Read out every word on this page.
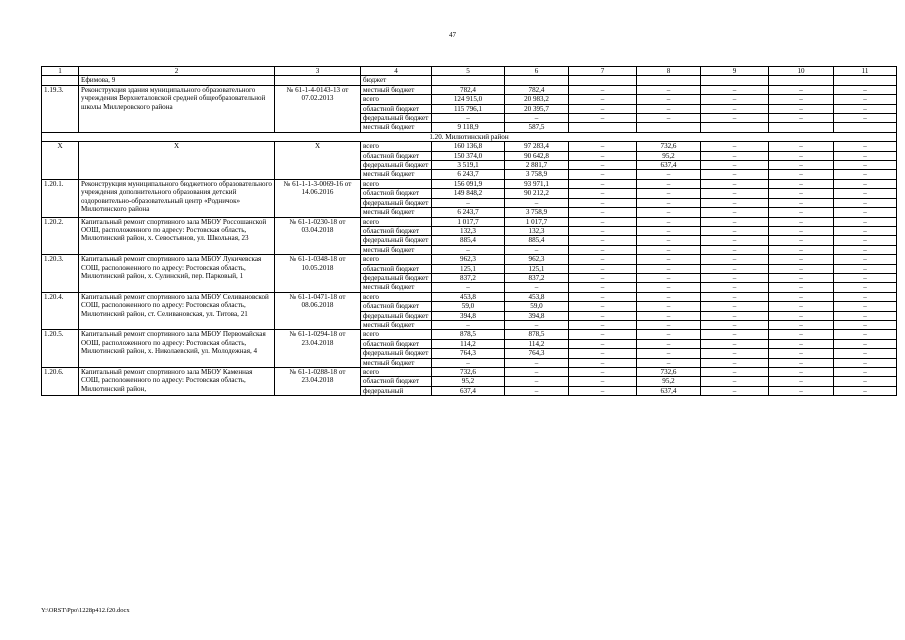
47
1	2	3	4	5	6	7	8	9	10	11
	Ефимова, 9		бюджет							
1.19.3.	Реконструкция здания муниципального образовательного учреждения Верхнеталовской средней общеобразовательной школы Миллеровского района	№ 61-1-4-0143-13 от 07.02.2013	местный бюджет	782,4	782,4	–	–	–	–	–
			всего	124 915,0	20 983,2	–	–	–	–	–
			областной бюджет	115 796,1	20 395,7	–	–	–	–	–
			федеральный бюджет	–	–	–	–	–	–	–
			местный бюджет	9 118,9	587,5					
1.20. Милютинский район										
Х	Х	Х	всего	160 136,8	97 283,4	–	732,6	–	–	–
			областной бюджет	150 374,0	90 642,8	–	95,2	–	–	–
			федеральный бюджет	3 519,1	2 881,7	–	637,4	–	–	–
			местный бюджет	6 243,7	3 758,9	–	–	–	–	–
1.20.1.	Реконструкция муниципального бюджетного образовательного учреждения дополнительного образования детский оздоровительно-образовательный центр «Родничок» Милютинского района	№ 61-1-1-3-0069-16 от 14.06.2016	всего	156 091,9	93 971,1	–	–	–	–	–
			областной бюджет	149 848,2	90 212,2	–	–	–	–	–
			федеральный бюджет	–	–	–	–	–	–	–
			местный бюджет	6 243,7	3 758,9	–	–	–	–	–
1.20.2.	Капитальный ремонт спортивного зала МБОУ Россошанской ООШ, расположенного по адресу: Ростовская область, Милютинский район, х. Севостьянов, ул. Школьная, 23	№ 61-1-0230-18 от 03.04.2018	всего	1 017,7	1 017,7	–	–	–	–	–
			областной бюджет	132,3	132,3	–	–	–	–	–
			федеральный бюджет	885,4	885,4	–	–	–	–	–
			местный бюджет	–	–	–	–	–	–	–
1.20.3.	Капитальный ремонт спортивного зала МБОУ Лукичевская СОШ, расположенного по адресу: Ростовская область, Милютинский район, х. Сулинский, пер. Парковый, 1	№ 61-1-0348-18 от 10.05.2018	всего	962,3	962,3	–	–	–	–	–
			областной бюджет	125,1	125,1	–	–	–	–	–
			федеральный бюджет	837,2	837,2	–	–	–	–	–
			местный бюджет	–	–	–	–	–	–	–
1.20.4.	Капитальный ремонт спортивного зала МБОУ Селивановской СОШ, расположенного по адресу: Ростовская область, Милютинский район, ст. Селивановская, ул. Титова, 21	№ 61-1-0471-18 от 08.06.2018	всего	453,8	453,8	–	–	–	–	–
			областной бюджет	59,0	59,0	–	–	–	–	–
			федеральный бюджет	394,8	394,8	–	–	–	–	–
			местный бюджет	–	–	–	–	–	–	–
1.20.5.	Капитальный ремонт спортивного зала МБОУ Первомайская ООШ, расположенного по адресу: Ростовская область, Милютинский район, х. Николаевский, ул. Молодежная, 4	№ 61-1-0294-18 от 23.04.2018	всего	878,5	878,5	–	–	–	–	–
			областной бюджет	114,2	114,2	–	–	–	–	–
			федеральный бюджет	764,3	764,3	–	–	–	–	–
			местный бюджет	–	–	–	–	–	–	–
1.20.6.	Капитальный ремонт спортивного зала МБОУ Каменная СОШ, расположенного по адресу: Ростовская область, Милютинский район,	№ 61-1-0288-18 от 23.04.2018	всего	732,6	–	–	732,6	–	–	–
			областной бюджет	95,2	–	–	95,2	–	–	–
			федеральный	637,4	–	–	637,4	–	–	–
Y:\ORST\Ppo\1228p412.f20.docx
